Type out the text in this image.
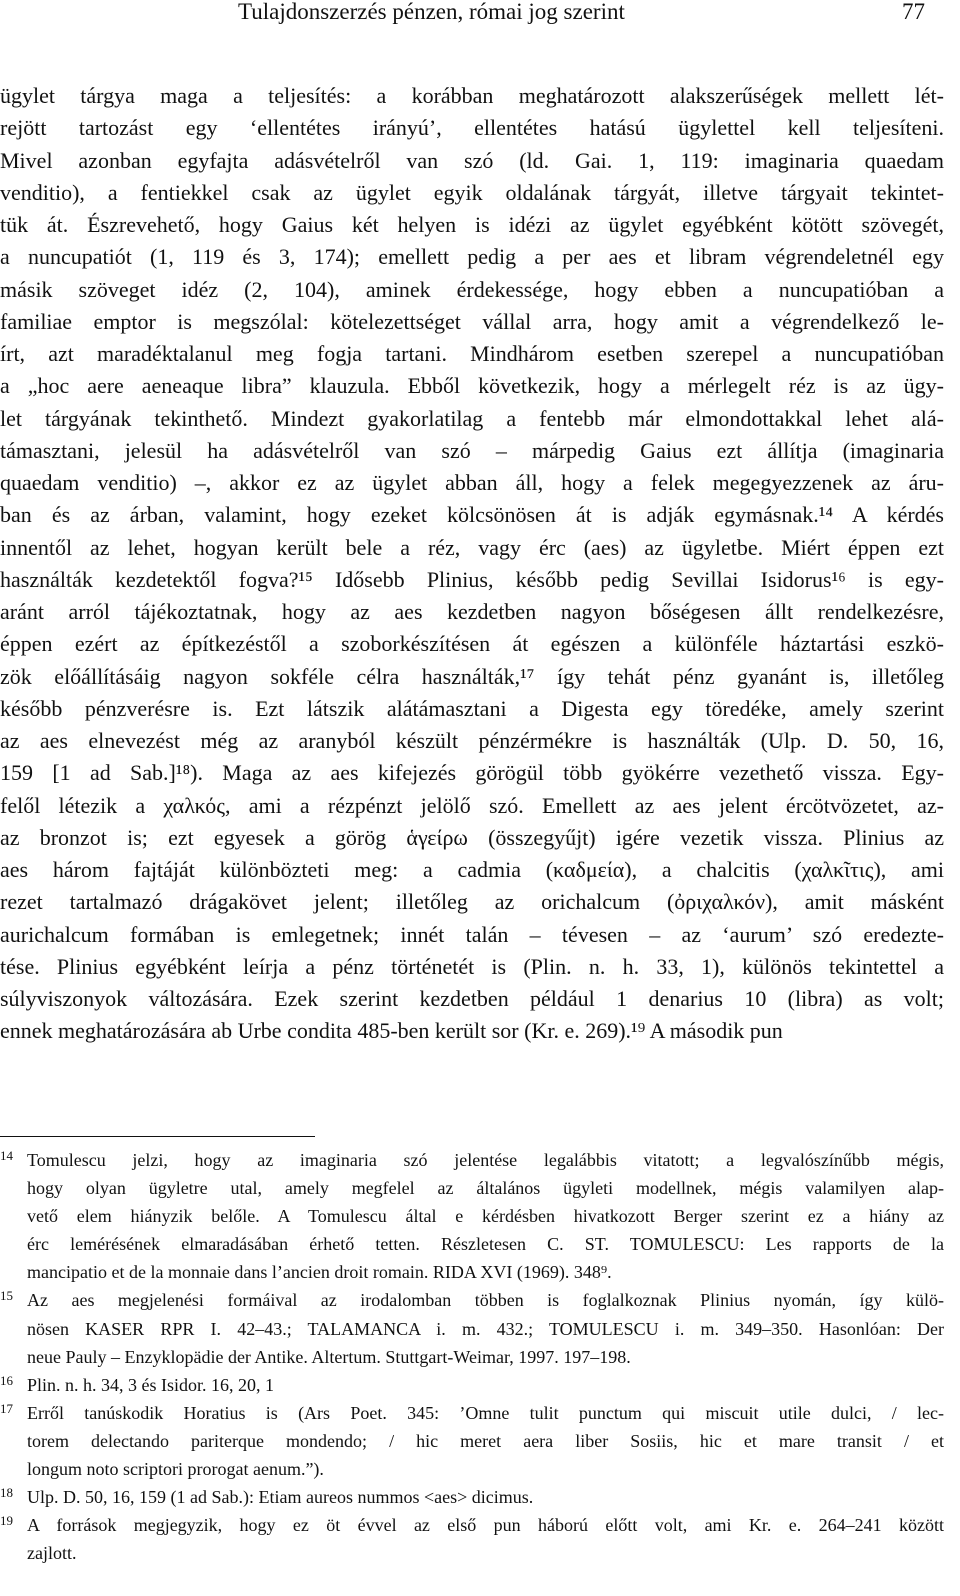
Tulajdonszerzés pénzen, római jog szerint	77
ügylet tárgya maga a teljesítés: a korábban meghatározott alakszerűségek mellett lét-
rejött tartozást egy ‘ellentétes irányú’, ellentétes hatású ügylettel kell teljesíteni.
Mivel azonban egyfajta adásvételről van szó (ld. Gai. 1, 119: imaginaria quaedam
venditio), a fentiekkel csak az ügylet egyik oldalának tárgyát, illetve tárgyait tekintet-
tük át. Észrevehető, hogy Gaius két helyen is idézi az ügylet egyébként kötött szövegét,
a nuncupatiót (1, 119 és 3, 174); emellett pedig a per aes et libram végrendeletnél egy
másik szöveget idéz (2, 104), aminek érdekessége, hogy ebben a nuncupatióban a
familiae emptor is megszólal: kötelezettséget vállal arra, hogy amit a végrendelkező le-
írt, azt maradéktalanul meg fogja tartani. Mindhárom esetben szerepel a nuncupatióban
a „hoc aere aeneaque libra” klauzula. Ebből következik, hogy a mérlegelt réz is az ügy-
let tárgyának tekinthető. Mindezt gyakorlatilag a fentebb már elmondottakkal lehet alá-
támasztani, jelesül ha adásvételről van szó – márpedig Gaius ezt állítja (imaginaria
quaedam venditio) –, akkor ez az ügylet abban áll, hogy a felek megegyezzenek az áru-
ban és az árban, valamint, hogy ezeket kölcsönösen át is adják egymásnak.¹⁴ A kérdés
innentől az lehet, hogyan került bele a réz, vagy érc (aes) az ügyletbe. Miért éppen ezt
használták kezdetektől fogva?¹⁵ Idősebb Plinius, később pedig Sevillai Isidorus¹⁶ is egy-
aránt arról tájékoztatnak, hogy az aes kezdetben nagyon bőségesen állt rendelkezésre,
éppen ezért az építkezéstől a szoborkészítésen át egészen a különféle háztartási eszkö-
zök előállításáig nagyon sokféle célra használták,¹⁷ így tehát pénz gyanánt is, illetőleg
később pénzverésre is. Ezt látszik alátámasztani a Digesta egy töredéke, amely szerint
az aes elnevezést még az aranyból készült pénzérmékre is használták (Ulp. D. 50, 16,
159 [1 ad Sab.]¹⁸). Maga az aes kifejezés görögül több gyökérre vezethető vissza. Egy-
felől létezik a χαλκός, ami a rézpénzt jelölő szó. Emellett az aes jelent ércötvözetet, az-
az bronzot is; ezt egyesek a görög ἁγείρω (összegyűjt) igére vezetik vissza. Plinius az
aes három fajtáját különbözteti meg: a cadmia (καδμεία), a chalcitis (χαλκῖτις), ami
rezet tartalmazó drágakövet jelent; illetőleg az orichalcum (ὀριχαλκόν), amit másként
aurichalcum formában is emlegetnek; innét talán – tévesen – az ‘aurum’ szó eredezte-
tése. Plinius egyébként leírja a pénz történetét is (Plin. n. h. 33, 1), különös tekintettel a
súlyviszonyok változására. Ezek szerint kezdetben például 1 denarius 10 (libra) as volt;
ennek meghatározására ab Urbe condita 485-ben került sor (Kr. e. 269).¹⁹ A második pun
14 Tomulescu jelzi, hogy az imaginaria szó jelentése legalábbis vitatott; a legvalószínűbb mégis,
hogy olyan ügyletre utal, amely megfelel az általános ügyleti modellnek, mégis valamilyen alap-
vető elem hiányzik belőle. A Tomulescu által e kérdésben hivatkozott Berger szerint ez a hiány az
érc lemérésének elmaradásában érhető tetten. Részletesen C. ST. TOMULESCU: Les rapports de la
mancipatio et de la monnaie dans l’ancien droit romain. RIDA XVI (1969). 348⁹.
15 Az aes megjelenési formáival az irodalomban többen is foglalkoznak Plinius nyomán, így külö-
nösen KASER RPR I. 42–43.; TALAMANCA i. m. 432.; TOMULESCU i. m. 349–350. Hasonlóan: Der
neue Pauly – Enzyklopädie der Antike. Altertum. Stuttgart-Weimar, 1997. 197–198.
16 Plin. n. h. 34, 3 és Isidor. 16, 20, 1
17 Erről tanúskodik Horatius is (Ars Poet. 345: ’Omne tulit punctum qui miscuit utile dulci, / lec-
torem delectando pariterque mondendo; / hic meret aera liber Sosiis, hic et mare transit / et
longum noto scriptori prorogat aenum.”).
18 Ulp. D. 50, 16, 159 (1 ad Sab.): Etiam aureos nummos <aes> dicimus.
19 A források megjegyzik, hogy ez öt évvel az első pun háború előtt volt, ami Kr. e. 264–241 között
zajlott.
